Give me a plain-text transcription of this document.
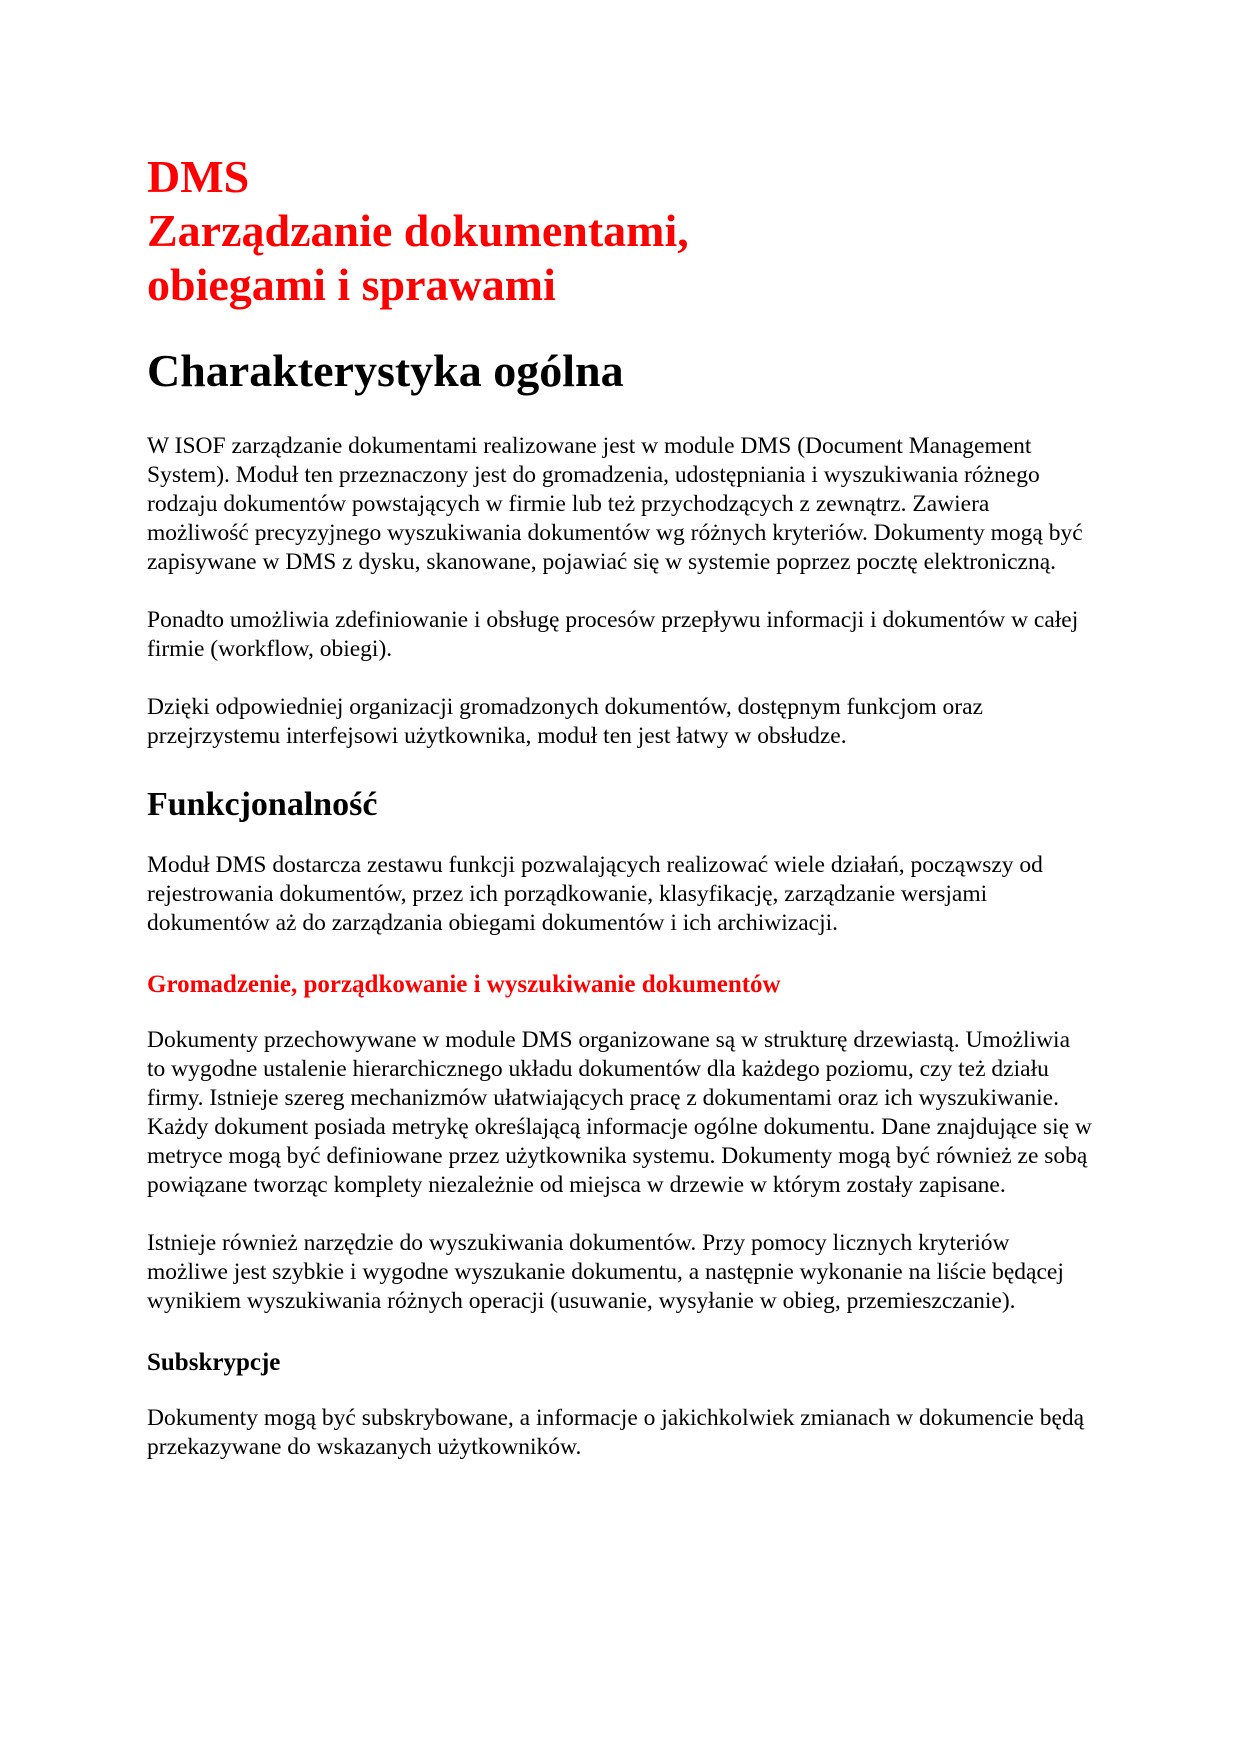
DMS
Zarządzanie dokumentami,
obiegami i sprawami
Charakterystyka ogólna

W ISOF zarządzanie dokumentami realizowane jest w module DMS (Document Management System). Moduł ten przeznaczony jest do gromadzenia, udostępniania i wyszukiwania różnego rodzaju dokumentów powstających w firmie lub też przychodzących z zewnątrz. Zawiera możliwość precyzyjnego wyszukiwania dokumentów wg różnych kryteriów. Dokumenty mogą być zapisywane w DMS z dysku, skanowane, pojawiać się w systemie poprzez pocztę elektroniczną.

Ponadto umożliwia zdefiniowanie i obsługę procesów przepływu informacji i dokumentów w całej firmie (workflow, obiegi).

Dzięki odpowiedniej organizacji gromadzonych dokumentów, dostępnym funkcjom oraz przejrzystemu interfejsowi użytkownika, moduł ten jest łatwy w obsłudze.

Funkcjonalność

Moduł DMS dostarcza zestawu funkcji pozwalających realizować wiele działań, począwszy od rejestrowania dokumentów, przez ich porządkowanie, klasyfikację, zarządzanie wersjami dokumentów aż do zarządzania obiegami dokumentów i ich archiwizacji.

Gromadzenie, porządkowanie i wyszukiwanie dokumentów

Dokumenty przechowywane w module DMS organizowane są w strukturę drzewiastą. Umożliwia to wygodne ustalenie hierarchicznego układu dokumentów dla każdego poziomu, czy też działu firmy. Istnieje szereg mechanizmów ułatwiających pracę z dokumentami oraz ich wyszukiwanie. Każdy dokument posiada metrykę określającą informacje ogólne dokumentu. Dane znajdujące się w metryce mogą być definiowane przez użytkownika systemu. Dokumenty mogą być również ze sobą powiązane tworząc komplety niezależnie od miejsca w drzewie w którym zostały zapisane.

Istnieje również narzędzie do wyszukiwania dokumentów. Przy pomocy licznych kryteriów możliwe jest szybkie i wygodne wyszukanie dokumentu, a następnie wykonanie na liście będącej wynikiem wyszukiwania różnych operacji (usuwanie, wysyłanie w obieg, przemieszczanie).

Subskrypcje

Dokumenty mogą być subskrybowane, a informacje o jakichkolwiek zmianach w dokumencie będą przekazywane do wskazanych użytkowników.
